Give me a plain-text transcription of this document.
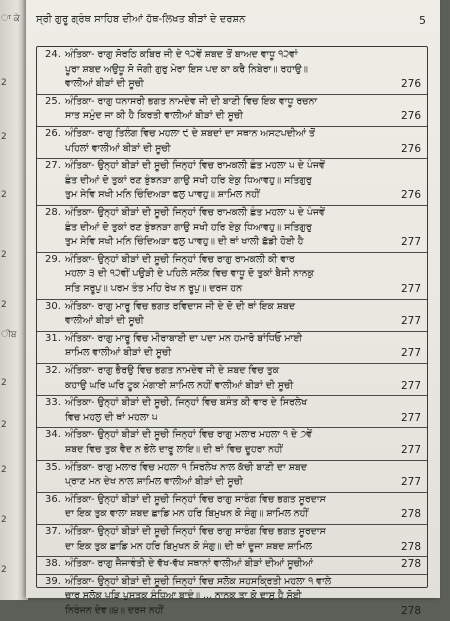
ਾ ਕੇ
2
2
2
2
2
ੀਬ
2
2
2
2
2
ਸ੍ਰੀ ਗੁਰੂ ਗ੍ਰੰਥ ਸਾਹਿਬ ਦੀਆਂ ਹੱਥ-ਲਿਖਤ ਬੀੜਾਂ ਦੇ ਦਰਸ਼ਨ	5
24. ਅੰਤਿਕਾ- ਰਾਗੁ ਸੋਰਠਿ ਕਬਿਰ ਜੀ ਦੇ ੧੨ਵੇਂ ਸ਼ਬਦ ਤੋਂ ਬਾਅਦ ਵਾਧੂ ੧੨ਵਾਂ
ਪੂਰਾ ਸ਼ਬਦ ਅਉਧੂ ਸੋ ਜੋਗੀ ਗੁਰੁ ਮੇਰਾ ਇਸ ਪਦ ਕਾ ਕਰੈ ਨਿਬੇਰਾ॥ ਰਹਾਉ॥
ਵਾਲੀਆਂ ਬੀੜਾਂ ਦੀ ਸੂਚੀ	276
25. ਅੰਤਿਕਾ- ਰਾਗੁ ਧਨਾਸਰੀ ਭਗਤ ਨਾਮਦੇਵ ਜੀ ਦੀ ਬਾਣੀ ਵਿਚ ਇਕ ਵਾਧੂ ਰਚਨਾ
ਸਾਤ ਸਮੁੰਦ ਜਾ ਕੀ ਹੈ ਕਿਰਤੀ ਵਾਲੀਆਂ ਬੀੜਾਂ ਦੀ ਸੂਚੀ	276
26. ਅੰਤਿਕਾ- ਰਾਗੁ ਤਿਲੰਗ ਵਿਚ ਮਹਲਾ ੯ ਦੇ ਸ਼ਬਦਾਂ ਦਾ ਸਥਾਨ ਅਸਟਪਦੀਆਂ ਤੋਂ
ਪਹਿਲਾਂ ਵਾਲੀਆਂ ਬੀੜਾਂ ਦੀ ਸੂਚੀ	276
27. ਅੰਤਿਕਾ- ਉਨ੍ਹਾਂ ਬੀੜਾਂ ਦੀ ਸੂਚੀ ਜਿਨ੍ਹਾਂ ਵਿਚ ਰਾਮਕਲੀ ਛੰਤ ਮਹਲਾ ੫ ਦੇ ਪੰਜਵੇਂ
ਛੰਤ ਦੀਆਂ ਦੋ ਤੁਕਾਂ ਰਣ ਝੁੰਝਨੜਾ ਗਾਉ ਸਖੀ ਹਰਿ ਏਕੁ ਧਿਆਵਹੁ॥ ਸਤਿਗੁਰੁ
ਤੁਮ ਸੇਵਿ ਸਖੀ ਮਨਿ ਚਿੰਦਿਅੜਾ ਫਲੁ ਪਾਵਹੁ॥ ਸ਼ਾਮਿਲ ਨਹੀਂ	276
28. ਅੰਤਿਕਾ- ਉਨ੍ਹਾਂ ਬੀੜਾਂ ਦੀ ਸੂਚੀ ਜਿਨ੍ਹਾਂ ਵਿਚ ਰਾਮਕਲੀ ਛੰਤ ਮਹਲਾ ੫ ਦੇ ਪੰਜਵੇਂ
ਛੰਤ ਦੀਆਂ ਦੋ ਤੁਕਾਂ ਰਣ ਝੁੰਝਨੜਾ ਗਾਉ ਸਖੀ ਹਰਿ ਏਕੁ ਧਿਆਵਹੁ॥ ਸਤਿਗੁਰੁ
ਤੁਮ ਸੇਵਿ ਸਖੀ ਮਨਿ ਚਿੰਦਿਅੜਾ ਫਲੁ ਪਾਵਹੁ॥ ਦੀ ਥਾਂ ਖਾਲੀ ਛੱਡੀ ਹੋਈ ਹੈ	277
29. ਅੰਤਿਕਾ- ਉਨ੍ਹਾਂ ਬੀੜਾਂ ਦੀ ਸੂਚੀ ਜਿਨ੍ਹਾਂ ਵਿਚ ਰਾਗੁ ਰਾਮਕਲੀ ਕੀ ਵਾਰ
ਮਹਲਾ ੩ ਦੀ ੧੨ਵੀਂ ਪਉੜੀ ਦੇ ਪਹਿਲੇ ਸਲੋਕ ਵਿਚ ਵਾਧੂ ਦੋ ਤੁਕਾਂ ਬੈਸੀ ਨਾਨਕੁ
ਸਤਿ ਸਰੂਪੁ॥ ਪਰਮ ਤੰਤ ਮਹਿ ਰੇਖ ਨ ਰੂਪੁ॥ ਦਰਜ ਹਨ	277
30. ਅੰਤਿਕਾ- ਰਾਗੁ ਮਾਰੂ ਵਿਚ ਭਗਤ ਰਵਿਦਾਸ ਜੀ ਦੇ ਦੋ ਦੀ ਥਾਂ ਇਕ ਸ਼ਬਦ
ਵਾਲੀਆਂ ਬੀੜਾਂ ਦੀ ਸੂਚੀ	277
31. ਅੰਤਿਕਾ- ਰਾਗੁ ਮਾਰੂ ਵਿਚ ਮੀਰਾਬਾਈ ਦਾ ਪਦਾ ਮਨ ਹਮਾਰੋ ਬਾਂਧਿਓ ਮਾਈ
ਸ਼ਾਮਿਲ ਵਾਲੀਆਂ ਬੀੜਾਂ ਦੀ ਸੂਚੀ	277
32. ਅੰਤਿਕਾ- ਰਾਗੁ ਭੈਰਉ ਵਿਚ ਭਗਤ ਨਾਮਦੇਵ ਜੀ ਦੇ ਸ਼ਬਦ ਵਿਚ ਤੁਕ
ਕਹਾਉ ਘਰਿ ਘਰਿ ਟੂਕ ਮੰਗਾਈ ਸ਼ਾਮਿਲ ਨਹੀਂ ਵਾਲੀਆਂ ਬੀੜਾਂ ਦੀ ਸੂਚੀ	277
33. ਅੰਤਿਕਾ- ਉਨ੍ਹਾਂ ਬੀੜਾਂ ਦੀ ਸੂਚੀ, ਜਿਨ੍ਹਾਂ ਵਿਚ ਬਸੰਤ ਕੀ ਵਾਰ ਦੇ ਸਿਰਲੇਖ
ਵਿਚ ਮਹਲੁ ਦੀ ਥਾਂ ਮਹਲਾ ੫	277
34. ਅੰਤਿਕਾ- ਉਨ੍ਹਾਂ ਬੀੜਾਂ ਦੀ ਸੂਚੀ ਜਿਨ੍ਹਾਂ ਵਿਚ ਰਾਗੁ ਮਲਾਰ ਮਹਲਾ ੧ ਦੇ ੭ਵੇਂ
ਸ਼ਬਦ ਵਿਚ ਤੁਕ ਵੈਦ ਨ ਭੋਲੇ ਦਾਰੂ ਲਾਇ॥ ਦੀ ਥਾਂ ਵਿਚ ਦੂਹਰਾ ਨਹੀਂ	277
35. ਅੰਤਿਕਾ- ਰਾਗੁ ਮਲਾਰ ਵਿਚ ਮਹਲਾ ੧ ਸਿਰਲੇਖ ਨਾਲ ਕੱਚੀ ਬਾਣੀ ਦਾ ਸ਼ਬਦ
ਪ੍ਰਾਣ ਮਨ ਦੇਖ ਨਾਲ ਸ਼ਾਮਿਲ ਵਾਲੀਆਂ ਬੀੜਾਂ ਦੀ ਸੂਚੀ	277
36. ਅੰਤਿਕਾ- ਉਨ੍ਹਾਂ ਬੀੜਾਂ ਦੀ ਸੂਚੀ ਜਿਨ੍ਹਾਂ ਵਿਚ ਰਾਗੁ ਸਾਰੰਗ ਵਿਚ ਭਗਤ ਸੂਰਦਾਸ
ਦਾ ਇਕ ਤੁਕ ਵਾਲਾ ਸ਼ਬਦ ਛਾਡਿ ਮਨ ਹਰਿ ਬਿਮੁਖਨ ਕੋ ਸੰਗੁ॥ ਸ਼ਾਮਿਲ ਨਹੀਂ	278
37. ਅੰਤਿਕਾ- ਉਨ੍ਹਾਂ ਬੀੜਾਂ ਦੀ ਸੂਚੀ ਜਿਨ੍ਹਾਂ ਵਿਚ ਰਾਗੁ ਸਾਰੰਗ ਵਿਚ ਭਗਤ ਸੂਰਦਾਸ
ਦਾ ਇਕ ਤੁਕ ਛਾਡਿ ਮਨ ਹਰਿ ਬਿਮੁਖਨ ਕੋ ਸੰਗੁ॥ ਦੀ ਥਾਂ ਦੂਜਾ ਸ਼ਬਦ ਸ਼ਾਮਿਲ	278
38. ਅੰਤਿਕਾ- ਰਾਗੁ ਜੈਜਾਵੰਤੀ ਦੇ ਵੱਖ-ਵੱਖ ਸਥਾਨਾਂ ਵਾਲੀਆਂ ਬੀੜਾਂ ਦੀਆਂ ਸੂਚੀਆਂ	278
39. ਅੰਤਿਕਾ- ਉਨ੍ਹਾਂ ਬੀੜਾਂ ਦੀ ਸੂਚੀ ਜਿਨ੍ਹਾਂ ਵਿਚ ਸਲੋਕ ਸਹਸਕ੍ਰਿਤੀ ਮਹਲਾ ੧ ਵਾਲੇ
ਚਾਰ ਸਲੋਕ ਪੜਿ ਪੁਸਤਕ ਸੰਧਿਆ ਬਾਦੰ॥ ... ਨਾਨਕ ਤਾ ਕੋ ਦਾਸੁ ਹੈ ਸੋਈ
ਨਿਰੰਜਨ ਦੇਵ॥੪॥ ਦਰਜ ਨਹੀਂ	278
